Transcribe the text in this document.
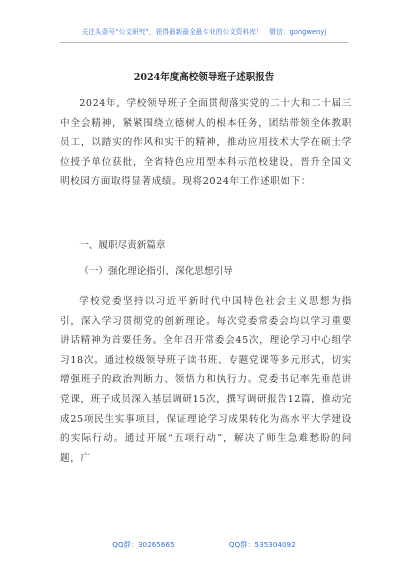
关注头条号“公文研究”，获得最新最全最专业的公文资料库！　微信：gongwenyj
2024年度高校领导班子述职报告

2024年，学校领导班子全面贯彻落实党的二十大和二十届三中全会精神，紧紧围绕立德树人的根本任务，团结带领全体教职员工，以踏实的作风和实干的精神，推动应用技术大学在硕士学位授予单位获批，全省特色应用型本科示范校建设，晋升全国文明校园方面取得显著成绩。现将2024年工作述职如下：

一、履职尽责新篇章

（一）强化理论指引，深化思想引导

学校党委坚持以习近平新时代中国特色社会主义思想为指引，深入学习贯彻党的创新理论。每次党委常委会均以学习重要讲话精神为首要任务。全年召开常委会45次，理论学习中心组学习18次。通过校级领导班子读书班、专题党课等多元形式，切实增强班子的政治判断力、领悟力和执行力。党委书记率先垂范讲党课，班子成员深入基层调研15次，撰写调研报告12篇，推动完成25项民生实事项目，保证理论学习成果转化为高水平大学建设的实际行动。通过开展“五项行动”，解决了师生急难愁盼的问题，广

QQ群：30265665	QQ群：535304092
